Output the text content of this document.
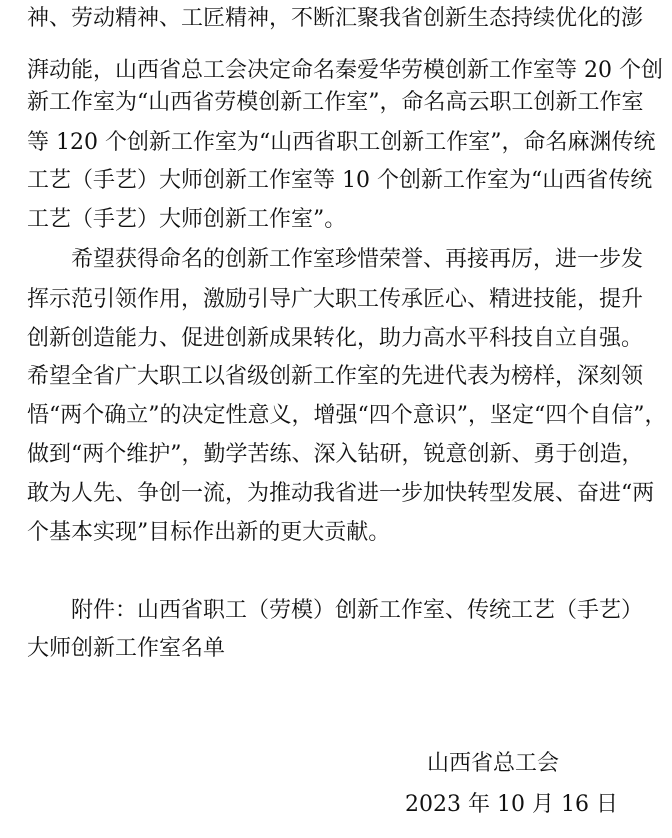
神、劳动精神、工匠精神，不断汇聚我省创新生态持续优化的澎
湃动能，山西省总工会决定命名秦爱华劳模创新工作室等 20 个创
新工作室为“山西省劳模创新工作室”，命名高云职工创新工作室
等 120 个创新工作室为“山西省职工创新工作室”，命名麻渊传统
工艺（手艺）大师创新工作室等 10 个创新工作室为“山西省传统
工艺（手艺）大师创新工作室”。
希望获得命名的创新工作室珍惜荣誉、再接再厉，进一步发
挥示范引领作用，激励引导广大职工传承匠心、精进技能，提升
创新创造能力、促进创新成果转化，助力高水平科技自立自强。
希望全省广大职工以省级创新工作室的先进代表为榜样，深刻领
悟“两个确立”的决定性意义，增强“四个意识”，坚定“四个自信”，
做到“两个维护”，勤学苦练、深入钻研，锐意创新、勇于创造，
敢为人先、争创一流，为推动我省进一步加快转型发展、奋进“两
个基本实现”目标作出新的更大贡献。
附件：山西省职工（劳模）创新工作室、传统工艺（手艺）
大师创新工作室名单
山西省总工会
2023 年 10 月 16 日
